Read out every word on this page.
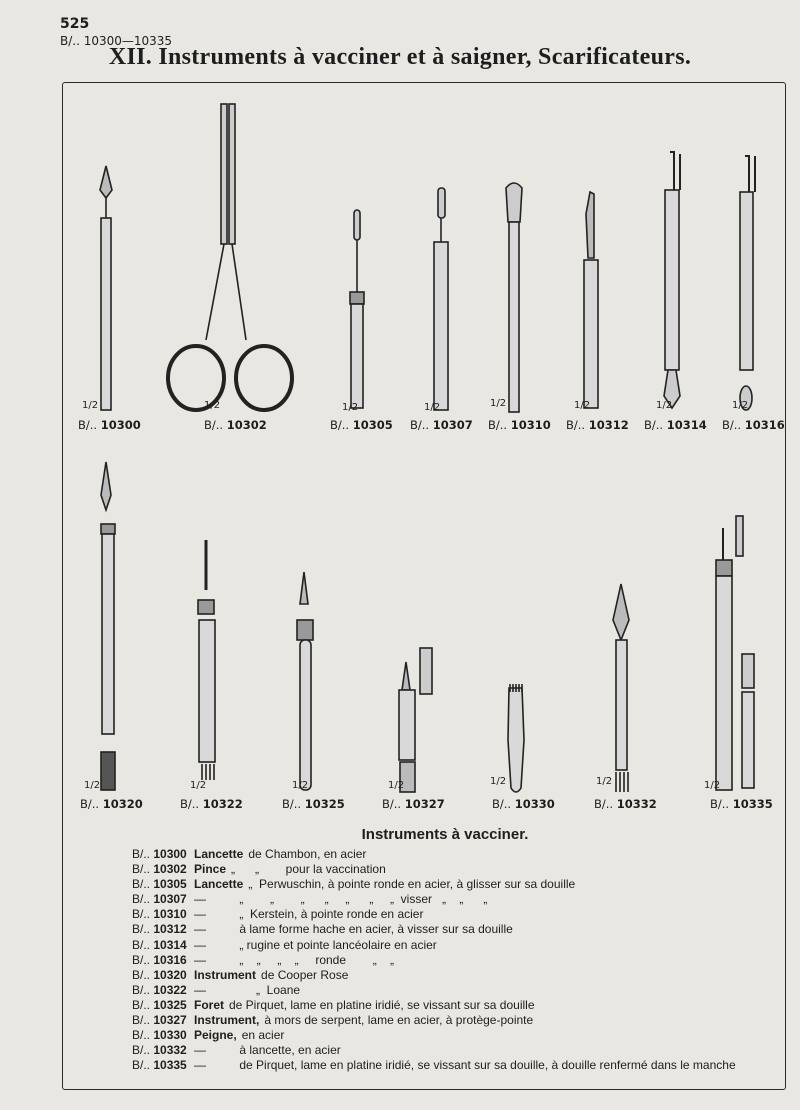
525
B/.. 10300—10335
XII. Instruments à vacciner et à saigner, Scarificateurs.
1/2
B/.. 10300
1/2
B/.. 10302
1/2
B/.. 10305
1/2
B/.. 10307
1/2
B/.. 10310
1/2
B/.. 10312
1/2
B/.. 10314
1/2
B/.. 10316
1/2
B/.. 10320
1/2
B/.. 10322
1/2
B/.. 10325
1/2
B/.. 10327
1/2
B/.. 10330
1/2
B/.. 10332
1/2
B/.. 10335
Instruments à vacciner.
B/.. 10300 Lancette de Chambon, en acier
B/.. 10302 Pince „      „        pour la vaccination
B/.. 10305 Lancette „  Perwuschin, à pointe ronde en acier, à glisser sur sa douille
B/.. 10307 —          „        „        „      „     „      „     „  visser   „    „      „
B/.. 10310 —          „  Kerstein, à pointe ronde en acier
B/.. 10312 —          à lame forme hache en acier, à visser sur sa douille
B/.. 10314 —          „ rugine et pointe lancéolaire en acier
B/.. 10316 —          „    „     „    „     ronde        „    „
B/.. 10320 Instrument de Cooper Rose
B/.. 10322 —               „  Loane
B/.. 10325 Foret de Pirquet, lame en platine iridié, se vissant sur sa douille
B/.. 10327 Instrument, à mors de serpent, lame en acier, à protège-pointe
B/.. 10330 Peigne, en acier
B/.. 10332 —          à lancette, en acier
B/.. 10335 —          de Pirquet, lame en platine iridié, se vissant sur sa douille, à douille renfermé dans le manche
